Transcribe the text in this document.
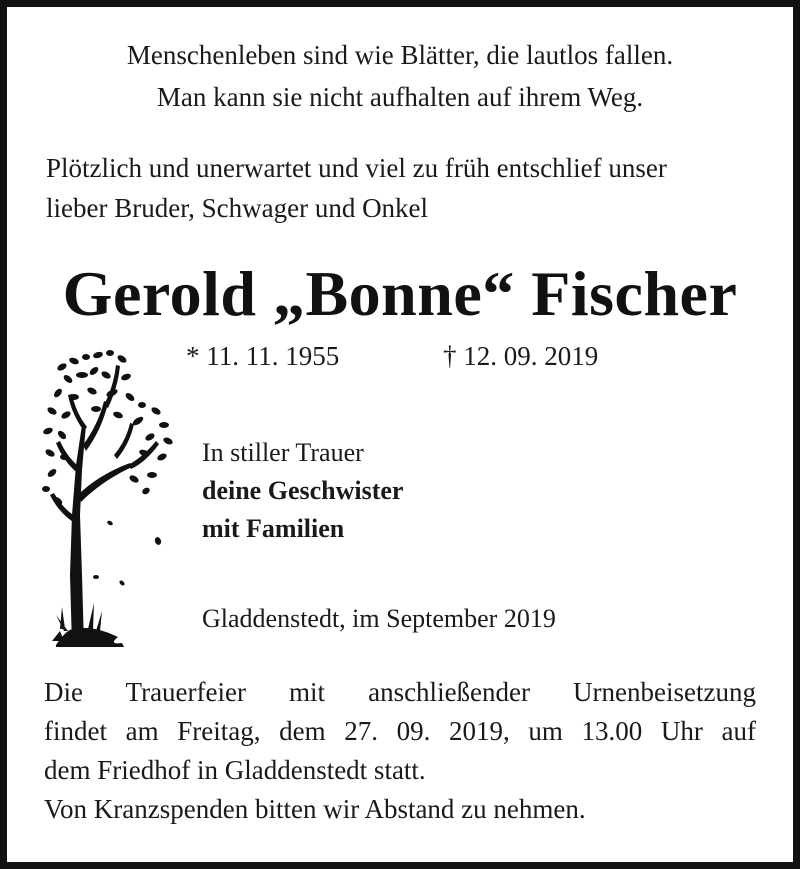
Menschenleben sind wie Blätter, die lautlos fallen.
Man kann sie nicht aufhalten auf ihrem Weg.
Plötzlich und unerwartet und viel zu früh entschlief unser
lieber Bruder, Schwager und Onkel
Gerold „Bonne“ Fischer
* 11. 11. 1955	† 12. 09. 2019
In stiller Trauer
deine Geschwister
mit Familien
Gladdenstedt, im September 2019
Die Trauerfeier mit anschließender Urnenbeisetzung
findet am Freitag, dem 27. 09. 2019, um 13.00 Uhr auf
dem Friedhof in Gladdenstedt statt.
Von Kranzspenden bitten wir Abstand zu nehmen.
